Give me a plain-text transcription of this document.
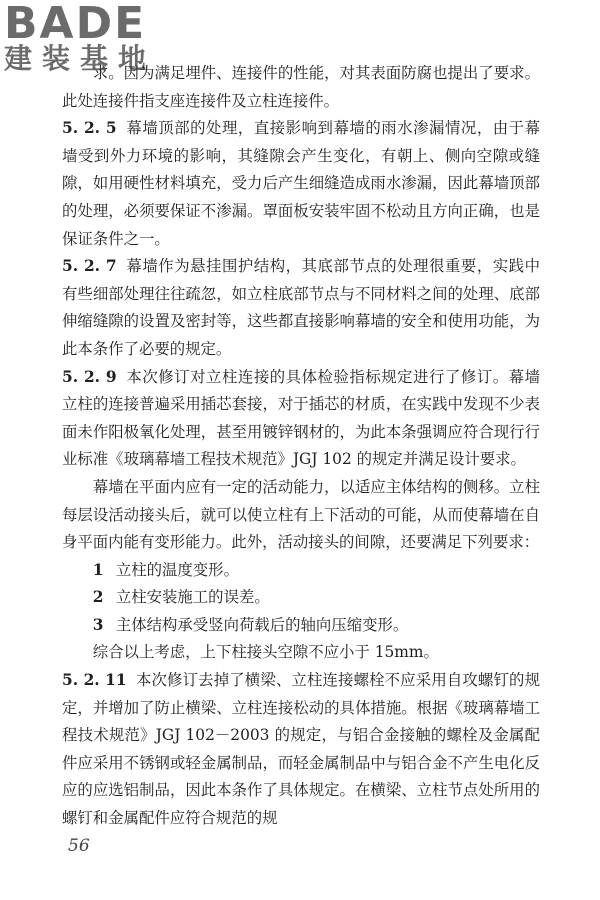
BADE
建装基地

求。因为满足埋件、连接件的性能，对其表面防腐也提出了要求。此处连接件指支座连接件及立柱连接件。

5. 2. 5 幕墙顶部的处理，直接影响到幕墙的雨水渗漏情况，由于幕墙受到外力环境的影响，其缝隙会产生变化，有朝上、侧向空隙或缝隙，如用硬性材料填充，受力后产生细缝造成雨水渗漏，因此幕墙顶部的处理，必须要保证不渗漏。罩面板安装牢固不松动且方向正确，也是保证条件之一。

5. 2. 7 幕墙作为悬挂围护结构，其底部节点的处理很重要，实践中有些细部处理往往疏忽，如立柱底部节点与不同材料之间的处理、底部伸缩缝隙的设置及密封等，这些都直接影响幕墙的安全和使用功能，为此本条作了必要的规定。

5. 2. 9 本次修订对立柱连接的具体检验指标规定进行了修订。幕墙立柱的连接普遍采用插芯套接，对于插芯的材质，在实践中发现不少表面未作阳极氧化处理，甚至用镀锌钢材的，为此本条强调应符合现行行业标准《玻璃幕墙工程技术规范》JGJ 102 的规定并满足设计要求。

幕墙在平面内应有一定的活动能力，以适应主体结构的侧移。立柱每层设活动接头后，就可以使立柱有上下活动的可能，从而使幕墙在自身平面内能有变形能力。此外，活动接头的间隙，还要满足下列要求：

1 立柱的温度变形。

2 立柱安装施工的误差。

3 主体结构承受竖向荷载后的轴向压缩变形。

综合以上考虑，上下柱接头空隙不应小于 15mm。

5. 2. 11 本次修订去掉了横梁、立柱连接螺栓不应采用自攻螺钉的规定，并增加了防止横梁、立柱连接松动的具体措施。根据《玻璃幕墙工程技术规范》JGJ 102－2003 的规定，与铝合金接触的螺栓及金属配件应采用不锈钢或轻金属制品，而轻金属制品中与铝合金不产生电化反应的应选铝制品，因此本条作了具体规定。在横梁、立柱节点处所用的螺钉和金属配件应符合规范的规

56
